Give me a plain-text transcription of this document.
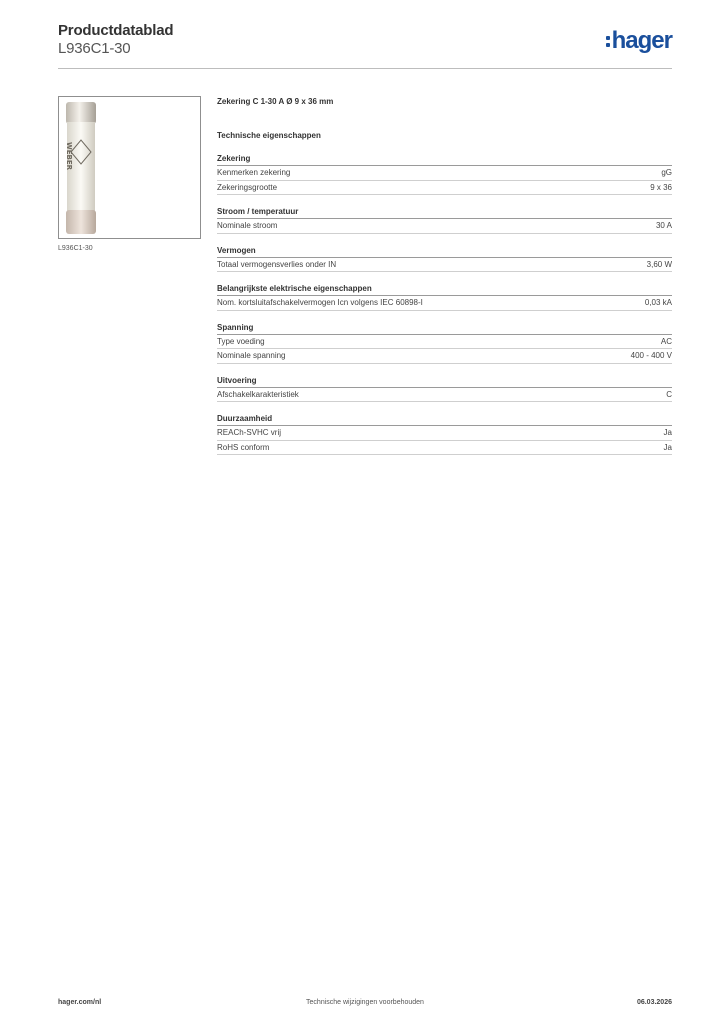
Productdatablad
L936C1-30	hager
WEBER
L936C1-30
Zekering C 1-30 A Ø 9 x 36 mm
Technische eigenschappen
Zekering
Kenmerken zekering	gG
Zekeringsgrootte	9 x 36
Stroom / temperatuur
Nominale stroom	30 A
Vermogen
Totaal vermogensverlies onder IN	3,60 W
Belangrijkste elektrische eigenschappen
Nom. kortsluitafschakelvermogen Icn volgens IEC 60898-I	0,03 kA
Spanning
Type voeding	AC
Nominale spanning	400 - 400 V
Uitvoering
Afschakelkarakteristiek	C
Duurzaamheid
REACh-SVHC vrij	Ja
RoHS conform	Ja
hager.com/nl	Technische wijzigingen voorbehouden	06.03.2026
